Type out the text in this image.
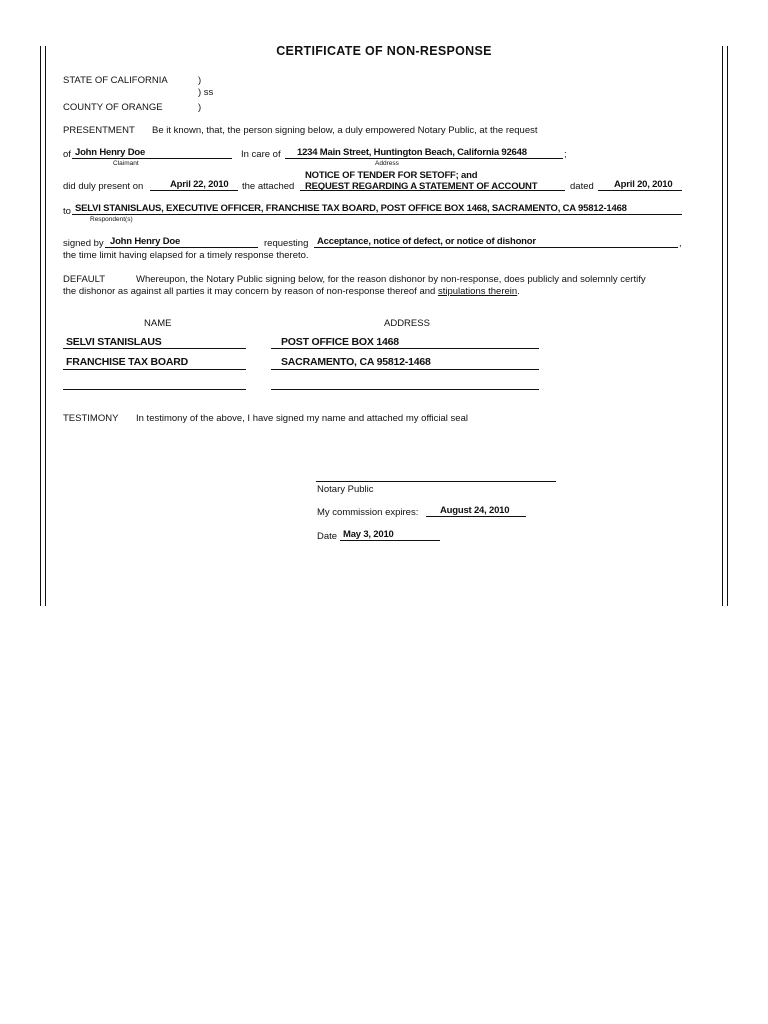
CERTIFICATE OF NON-RESPONSE
STATE OF CALIFORNIA	)
) ss
COUNTY OF ORANGE	)
PRESENTMENT Be it known, that, the person signing below, a duly empowered Notary Public, at the request
of John Henry Doe
Claimant
In care of 1234 Main Street, Huntington Beach, California 92648	;
Address
NOTICE OF TENDER FOR SETOFF; and
did duly present on	April 22, 2010 the attached REQUEST REGARDING A STATEMENT OF ACCOUNT	dated April 20, 2010
to SELVI STANISLAUS, EXECUTIVE OFFICER, FRANCHISE TAX BOARD, POST OFFICE BOX 1468, SACRAMENTO, CA 95812-1468
Respondent(s)
signed by John Henry Doe	requesting Acceptance, notice of defect, or notice of dishonor	,
the time limit having elapsed for a timely response thereto.
DEFAULT	Whereupon, the Notary Public signing below, for the reason dishonor by non-response, does publicly and solemnly certify
the dishonor as against all parties it may concern by reason of non-response thereof and stipulations therein.
NAME	ADDRESS
SELVI STANISLAUS	POST OFFICE BOX 1468
FRANCHISE TAX BOARD	SACRAMENTO, CA 95812-1468
TESTIMONY In testimony of the above, I have signed my name and attached my official seal
Notary Public
My commission expires: August 24, 2010
Date May 3, 2010
